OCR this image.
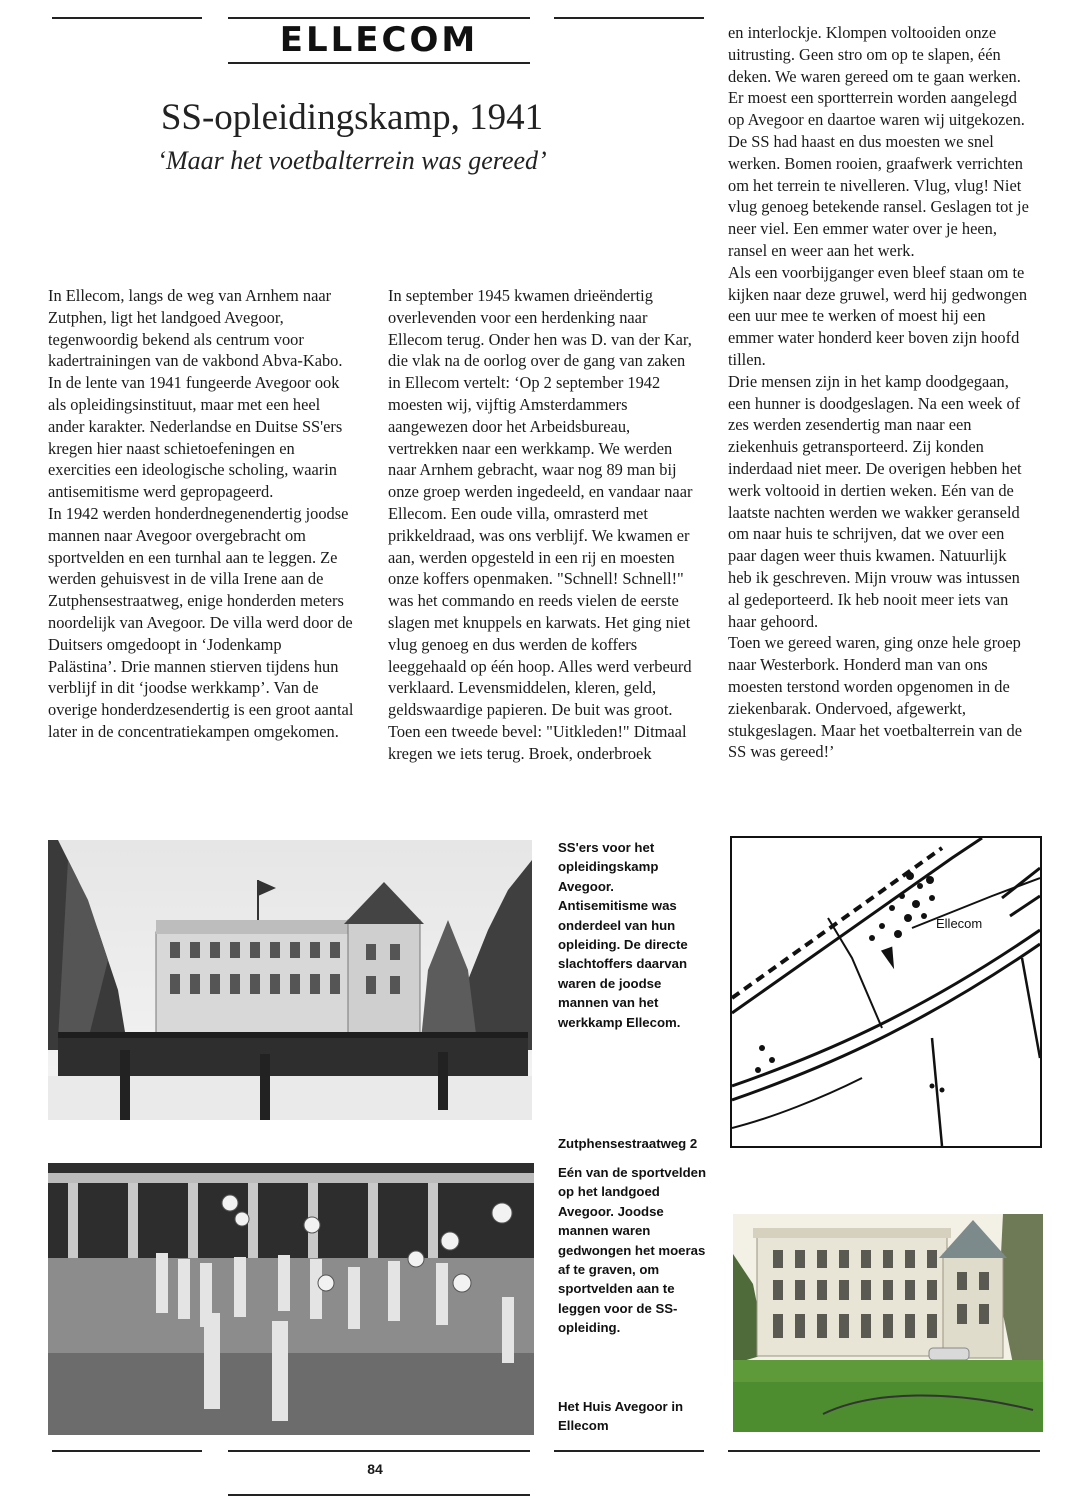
ELLECOM
SS-opleidingskamp, 1941
‘Maar het voetbalterrein was gereed’

In Ellecom, langs de weg van Arnhem naar Zutphen, ligt het landgoed Avegoor, tegenwoordig bekend als centrum voor kadertrainingen van de vakbond Abva-Kabo. In de lente van 1941 fungeerde Avegoor ook als opleidingsinstituut, maar met een heel ander karakter. Nederlandse en Duitse SS'ers kregen hier naast schietoefeningen en exercities een ideologische scholing, waarin antisemitisme werd gepropageerd.

In 1942 werden honderdnegenendertig joodse mannen naar Avegoor overgebracht om sportvelden en een turnhal aan te leggen. Ze werden gehuisvest in de villa Irene aan de Zutphensestraatweg, enige honderden meters noordelijk van Avegoor. De villa werd door de Duitsers omgedoopt in ‘Jodenkamp Palästina’. Drie mannen stierven tijdens hun verblijf in dit ‘joodse werkkamp’. Van de overige honderdzesendertig is een groot aantal later in de concentratiekampen omgekomen.

In september 1945 kwamen drieëndertig overlevenden voor een herdenking naar Ellecom terug. Onder hen was D. van der Kar, die vlak na de oorlog over de gang van zaken in Ellecom vertelt: ‘Op 2 september 1942 moesten wij, vijftig Amsterdammers aangewezen door het Arbeidsbureau, vertrekken naar een werkkamp. We werden naar Arnhem gebracht, waar nog 89 man bij onze groep werden ingedeeld, en vandaar naar Ellecom. Een oude villa, omrasterd met prikkeldraad, was ons verblijf. We kwamen er aan, werden opgesteld in een rij en moesten onze koffers openmaken. "Schnell! Schnell!" was het commando en reeds vielen de eerste slagen met knuppels en karwats. Het ging niet vlug genoeg en dus werden de koffers leeggehaald op één hoop. Alles werd verbeurd verklaard. Levensmiddelen, kleren, geld, geldswaardige papieren. De buit was groot. Toen een tweede bevel: "Uitkleden!" Ditmaal kregen we iets terug. Broek, onderbroek

en interlockje. Klompen voltooiden onze uitrusting. Geen stro om op te slapen, één deken. We waren gereed om te gaan werken.

Er moest een sportterrein worden aangelegd op Avegoor en daartoe waren wij uitgekozen. De SS had haast en dus moesten we snel werken. Bomen rooien, graafwerk verrichten om het terrein te nivelleren. Vlug, vlug! Niet vlug genoeg betekende ransel. Geslagen tot je neer viel. Een emmer water over je heen, ransel en weer aan het werk.

Als een voorbijganger even bleef staan om te kijken naar deze gruwel, werd hij gedwongen een uur mee te werken of moest hij een emmer water honderd keer boven zijn hoofd tillen.

Drie mensen zijn in het kamp doodgegaan, een hunner is doodgeslagen. Na een week of zes werden zesendertig man naar een ziekenhuis getransporteerd. Zij konden inderdaad niet meer. De overigen hebben het werk voltooid in dertien weken. Eén van de laatste nachten werden we wakker geranseld om naar huis te schrijven, dat we over een paar dagen weer thuis kwamen. Natuurlijk heb ik geschreven. Mijn vrouw was intussen al gedeporteerd. Ik heb nooit meer iets van haar gehoord.

Toen we gereed waren, ging onze hele groep naar Westerbork. Honderd man van ons moesten terstond worden opgenomen in de ziekenbarak. Ondervoed, afgewerkt, stukgeslagen. Maar het voetbalterrein van de SS was gereed!’

SS'ers voor het opleidingskamp Avegoor. Antisemitisme was onderdeel van hun opleiding. De directe slachtoffers daarvan waren de joodse mannen van het werkkamp Ellecom.
Ellecom
Zutphensestraatweg 2
Eén van de sportvelden op het landgoed Avegoor. Joodse mannen waren gedwongen het moeras af te graven, om sportvelden aan te leggen voor de SS-opleiding.
Het Huis Avegoor in Ellecom
84
